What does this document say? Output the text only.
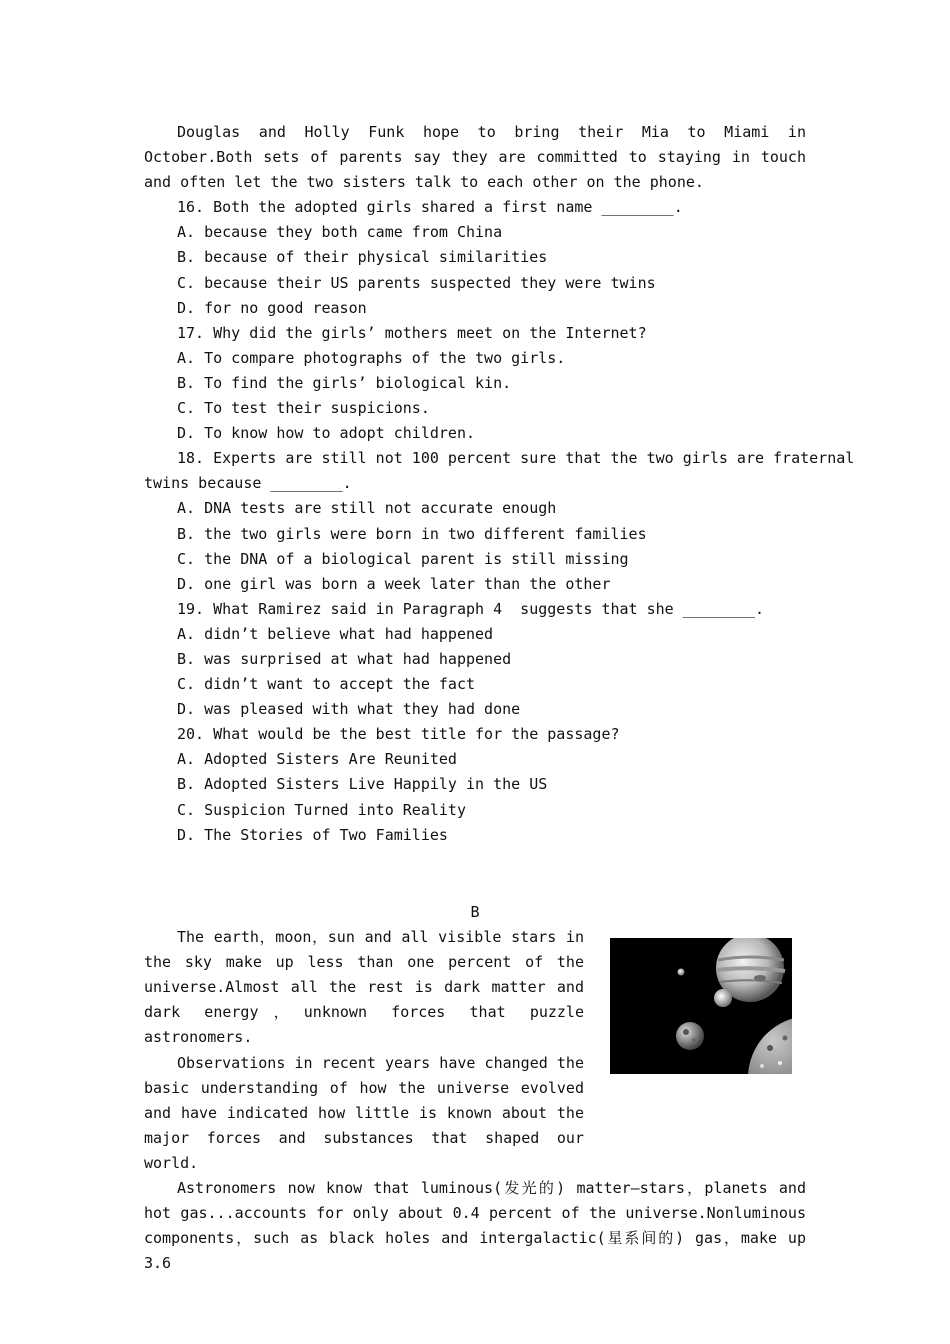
Douglas and Holly Funk hope to bring their Mia to Miami in October.Both sets of parents say they are committed to staying in touch and often let the two sisters talk to each other on the phone.

16. Both the adopted girls shared a first name ________.

A. because they both came from China

B. because of their physical similarities

C. because their US parents suspected they were twins

D. for no good reason

17. Why did the girls’ mothers meet on the Internet?

A. To compare photographs of the two girls.

B. To find the girls’ biological kin.

C. To test their suspicions.

D. To know how to adopt children.

18. Experts are still not 100 percent sure that the two girls are fraternal

twins because ________.

A. DNA tests are still not accurate enough

B. the two girls were born in two different families

C. the DNA of a biological parent is still missing

D. one girl was born a week later than the other

19. What Ramirez said in Paragraph 4  suggests that she ________.

A. didn’t believe what had happened

B. was surprised at what had happened

C. didn’t want to accept the fact

D. was pleased with what they had done

20. What would be the best title for the passage?

A. Adopted Sisters Are Reunited

B. Adopted Sisters Live Happily in the US

C. Suspicion Turned into Reality

D. The Stories of Two Families

B

The earth，moon，sun and all visible stars in the sky make up less than one percent of the universe.Almost all the rest is dark matter and dark energy，unknown forces that puzzle astronomers.

Observations in recent years have changed the basic understanding of how the universe evolved and have indicated how little is known about the major forces and substances that shaped our world.

Astronomers now know that luminous(发光的) matter—stars，planets and hot gas...accounts for only about 0.4 percent of the universe.Nonluminous components，such as black holes and intergalactic(星系间的) gas，make up 3.6
